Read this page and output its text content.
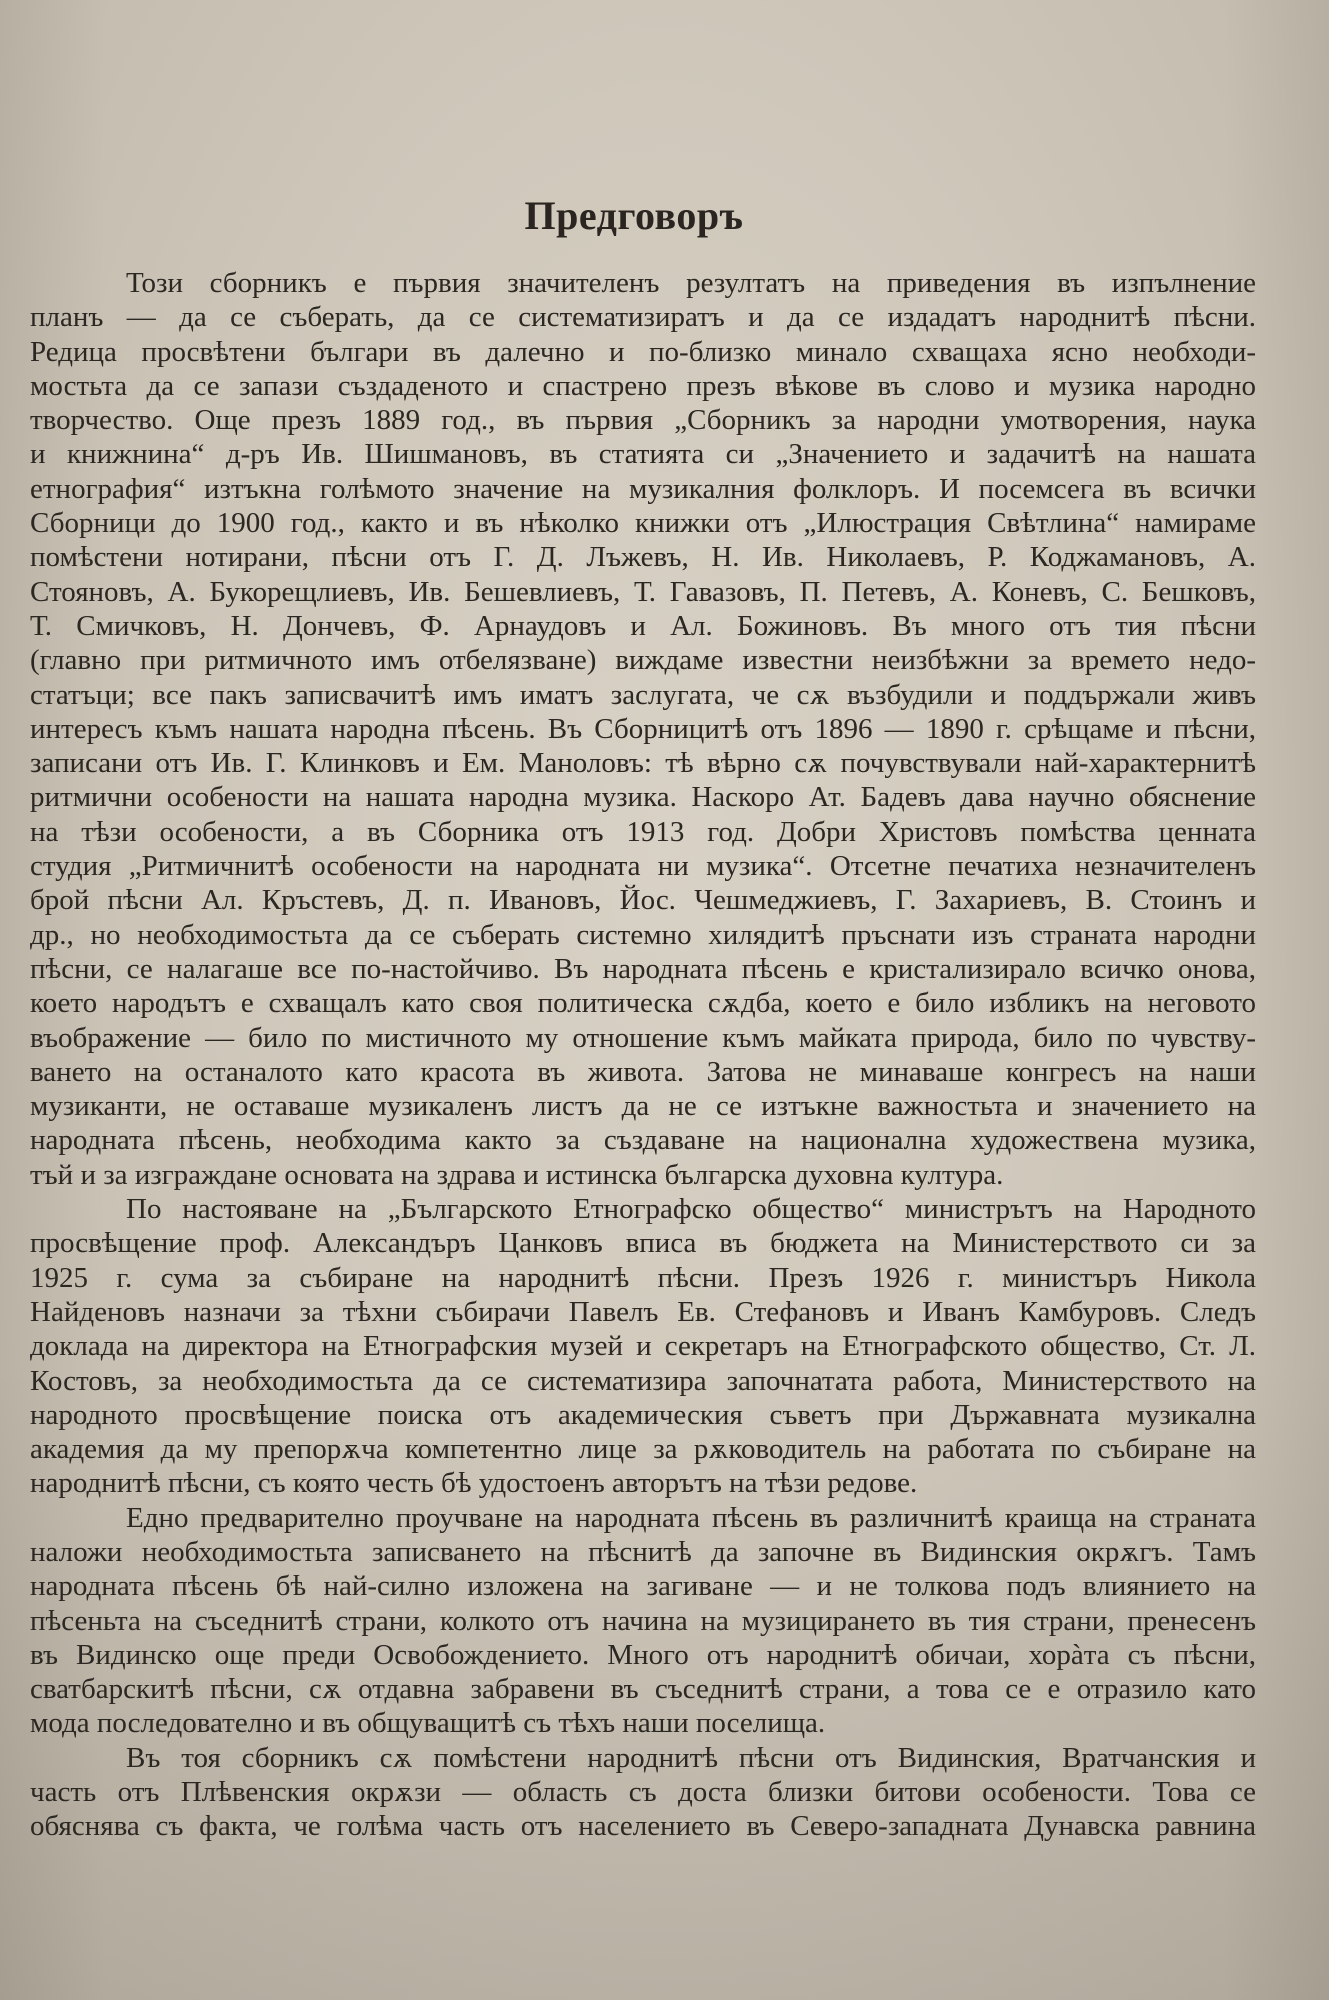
Предговоръ
Този сборникъ е първия значителенъ резултатъ на приведения въ изпълнение
планъ — да се съберать, да се систематизиратъ и да се издадатъ народнитѣ пѣсни.
Редица просвѣтени българи въ далечно и по-близко минало схващаха ясно необходи-
мостьта да се запази създаденото и спастрено презъ вѣкове въ слово и музика народно
творчество. Още презъ 1889 год., въ първия „Сборникъ за народни умотворения, наука
и книжнина“ д-ръ Ив. Шишмановъ, въ статията си „Значението и задачитѣ на нашата
етнография“ изтъкна голѣмото значение на музикалния фолклоръ. И посемсега въ всички
Сборници до 1900 год., както и въ нѣколко книжки отъ „Илюстрация Свѣтлина“ намираме
помѣстени нотирани, пѣсни отъ Г. Д. Лъжевъ, Н. Ив. Николаевъ, Р. Коджамановъ, А.
Стояновъ, А. Букорещлиевъ, Ив. Бешевлиевъ, Т. Гавазовъ, П. Петевъ, А. Коневъ, С. Бешковъ,
Т. Смичковъ, Н. Дончевъ, Ф. Арнаудовъ и Ал. Божиновъ. Въ много отъ тия пѣсни
(главно при ритмичното имъ отбелязване) виждаме известни неизбѣжни за времето недо-
статъци; все пакъ записвачитѣ имъ иматъ заслугата, че сѫ възбудили и поддържали живъ
интересъ къмъ нашата народна пѣсень. Въ Сборницитѣ отъ 1896 — 1890 г. срѣщаме и пѣсни,
записани отъ Ив. Г. Клинковъ и Ем. Маноловъ: тѣ вѣрно сѫ почувствували най-характернитѣ
ритмични особености на нашата народна музика. Наскоро Ат. Бадевъ дава научно обяснение
на тѣзи особености, а въ Сборника отъ 1913 год. Добри Христовъ помѣства ценната
студия „Ритмичнитѣ особености на народната ни музика“. Отсетне печатиха незначителенъ
брой пѣсни Ал. Кръстевъ, Д. п. Ивановъ, Йос. Чешмеджиевъ, Г. Захариевъ, В. Стоинъ и
др., но необходимостьта да се съберать системно хилядитѣ пръснати изъ страната народни
пѣсни, се налагаше все по-настойчиво. Въ народната пѣсень е кристализирало всичко онова,
което народътъ е схващалъ като своя политическа сѫдба, което е било избликъ на неговото
въображение — било по мистичното му отношение къмъ майката природа, било по чувству-
ването на останалото като красота въ живота. Затова не минаваше конгресъ на наши
музиканти, не оставаше музикаленъ листъ да не се изтъкне важностьта и значението на
народната пѣсень, необходима както за създаване на национална художествена музика,
тъй и за изграждане основата на здрава и истинска българска духовна култура.
По настояване на „Българското Етнографско общество“ министрътъ на Народното
просвѣщение проф. Александъръ Цанковъ вписа въ бюджета на Министерството си за
1925 г. сума за събиране на народнитѣ пѣсни. Презъ 1926 г. министъръ Никола
Найденовъ назначи за тѣхни събирачи Павелъ Ев. Стефановъ и Иванъ Камбуровъ. Следъ
доклада на директора на Етнографския музей и секретаръ на Етнографското общество, Ст. Л.
Костовъ, за необходимостьта да се систематизира започнатата работа, Министерството на
народното просвѣщение поиска отъ академическия съветъ при Държавната музикална
академия да му препорѫча компетентно лице за рѫководитель на работата по събиране на
народнитѣ пѣсни, съ която честь бѣ удостоенъ авторътъ на тѣзи редове.
Едно предварително проучване на народната пѣсень въ различнитѣ краища на страната
наложи необходимостьта записването на пѣснитѣ да започне въ Видинския окрѫгъ. Тамъ
народната пѣсень бѣ най-силно изложена на загиване — и не толкова подъ влиянието на
пѣсеньта на съседнитѣ страни, колкото отъ начина на музицирането въ тия страни, пренесенъ
въ Видинско още преди Освобождението. Много отъ народнитѣ обичаи, хорàта съ пѣсни,
сватбарскитѣ пѣсни, сѫ отдавна забравени въ съседнитѣ страни, а това се е отразило като
мода последователно и въ общуващитѣ съ тѣхъ наши поселища.
Въ тоя сборникъ сѫ помѣстени народнитѣ пѣсни отъ Видинския, Вратчанския и
часть отъ Плѣвенския окрѫзи — область съ доста близки битови особености. Това се
обяснява съ факта, че голѣма часть отъ населението въ Северо-западната Дунавска равнина
